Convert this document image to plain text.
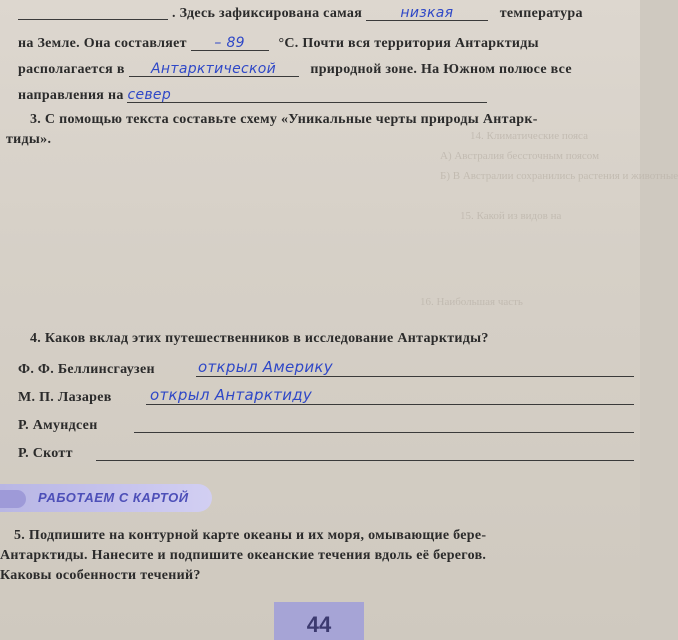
14. Климатические пояса
А) Австралия бессточным поясом
Б) В Австралии сохранились растения и животные
15. Какой из видов на
16. Наибольшая часть
. Здесь зафиксирована самая	низкая	температура
на Земле. Она составляет – 89 °С. Почти вся территория Антарктиды
располагается в Антарктической природной зоне. На Южном полюсе все
направления на север
3. С помощью текста составьте схему «Уникальные черты природы Антарк-
тиды».
4. Каков вклад этих путешественников в исследование Антарктиды?
Ф. Ф. Беллинсгаузен	открыл Америку
М. П. Лазарев	открыл Антарктиду
Р. Амундсен
Р. Скотт
РАБОТАЕМ С КАРТОЙ
5. Подпишите на контурной карте океаны и их моря, омывающие бере-
Антарктиды. Нанесите и подпишите океанские течения вдоль её берегов.
Каковы особенности течений?
44
